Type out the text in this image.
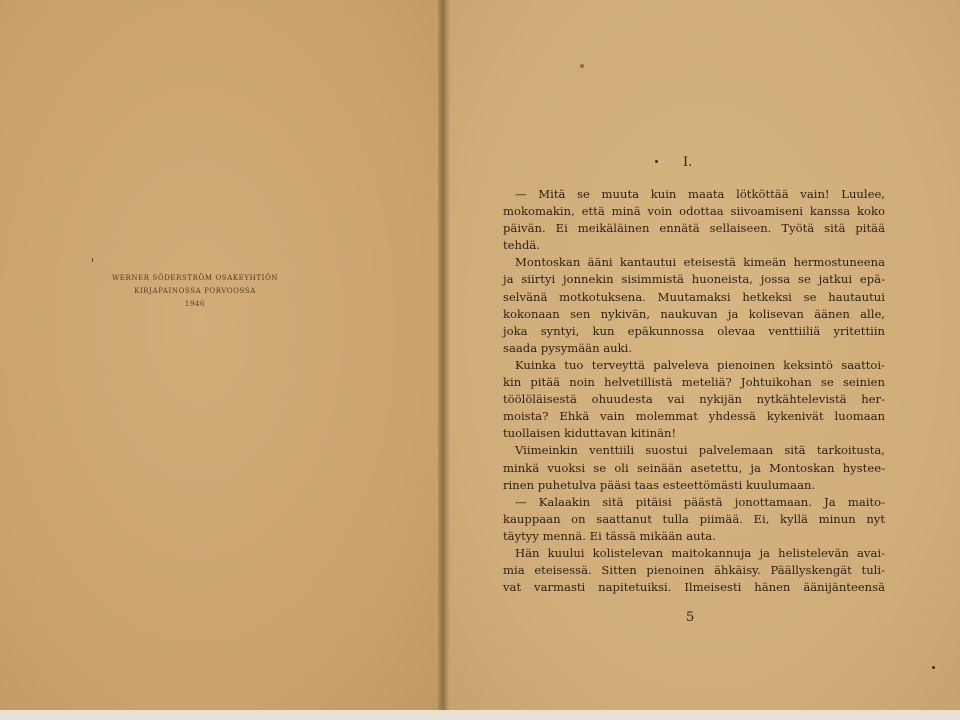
WERNER SÖDERSTRÖM OSAKEYHTIÖN
KIRJAPAINOSSA PORVOOSSA
1946
I.
— Mitä se muuta kuin maata lötköttää vain! Luulee,
mokomakin, että minä voin odottaa siivoamiseni kanssa koko
päivän. Ei meikäläinen ennätä sellaiseen. Työtä sitä pitää
tehdä.
Montoskan ääni kantautui eteisestä kimeän hermostuneena
ja siirtyi jonnekin sisimmistä huoneista, jossa se jatkui epä-
selvänä motkotuksena. Muutamaksi hetkeksi se hautautui
kokonaan sen nykivän, naukuvan ja kolisevan äänen alle,
joka syntyi, kun epäkunnossa olevaa venttiiliä yritettiin
saada pysymään auki.
Kuinka tuo terveyttä palveleva pienoinen keksintö saattoi-
kin pitää noin helvetillistä meteliä? Johtuikohan se seinien
töölöläisestä ohuudesta vai nykijän nytkähtelevistä her-
moista? Ehkä vain molemmat yhdessä kykenivät luomaan
tuollaisen kiduttavan kitinän!
Viimeinkin venttiili suostui palvelemaan sitä tarkoitusta,
minkä vuoksi se oli seinään asetettu, ja Montoskan hystee-
rinen puhetulva pääsi taas esteettömästi kuulumaan.
— Kalaakin sitä pitäisi päästä jonottamaan. Ja maito-
kauppaan on saattanut tulla piimää. Ei, kyllä minun nyt
täytyy mennä. Ei tässä mikään auta.
Hän kuului kolistelevan maitokannuja ja helistelevän avai-
mia eteisessä. Sitten pienoinen ähkäisy. Päällyskengät tuli-
vat varmasti napitetuiksi. Ilmeisesti hänen äänijänteensä
5
